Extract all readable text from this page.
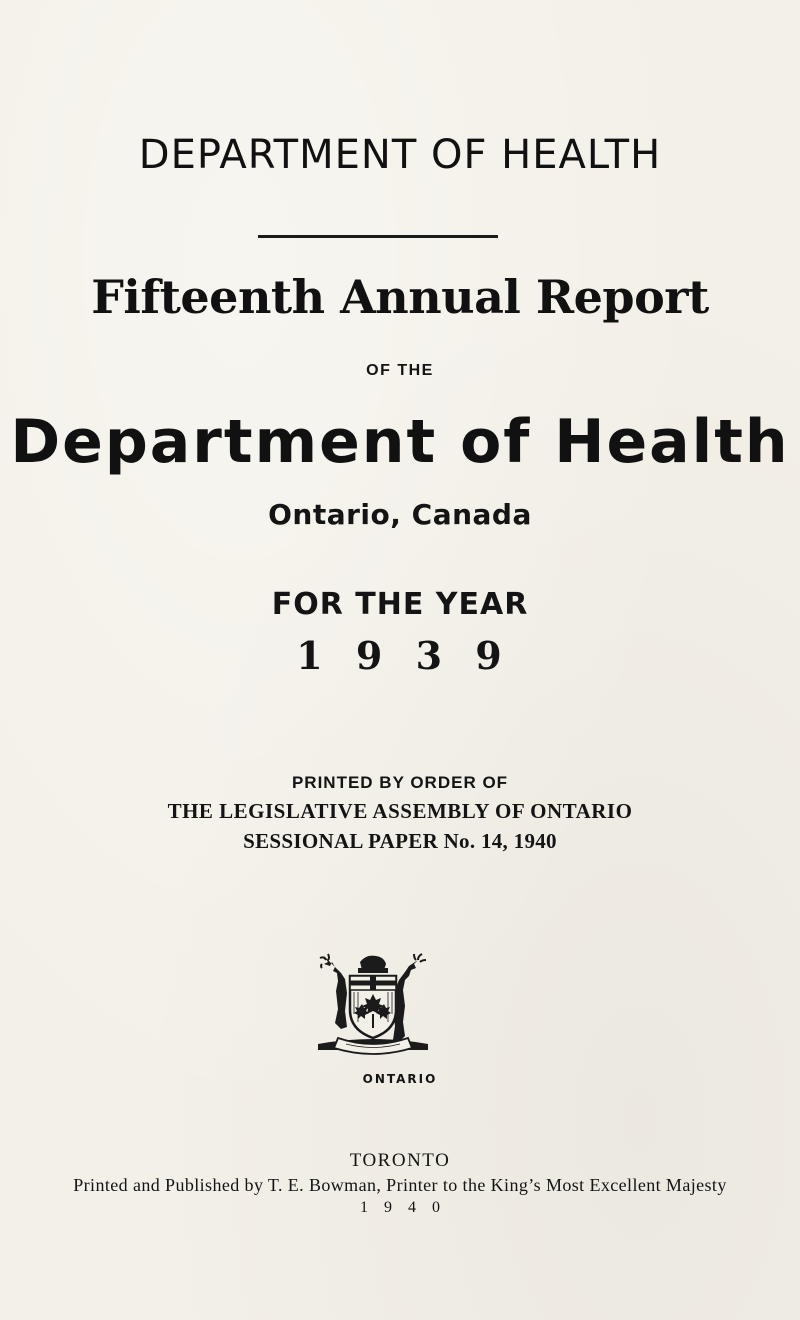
DEPARTMENT OF HEALTH
Fifteenth Annual Report
OF THE
Department of Health
Ontario, Canada
FOR THE YEAR
1 9 3 9
PRINTED BY ORDER OF
THE LEGISLATIVE ASSEMBLY OF ONTARIO
SESSIONAL PAPER No. 14, 1940
ONTARIO
TORONTO
Printed and Published by T. E. Bowman, Printer to the King’s Most Excellent Majesty
1 9 4 0
